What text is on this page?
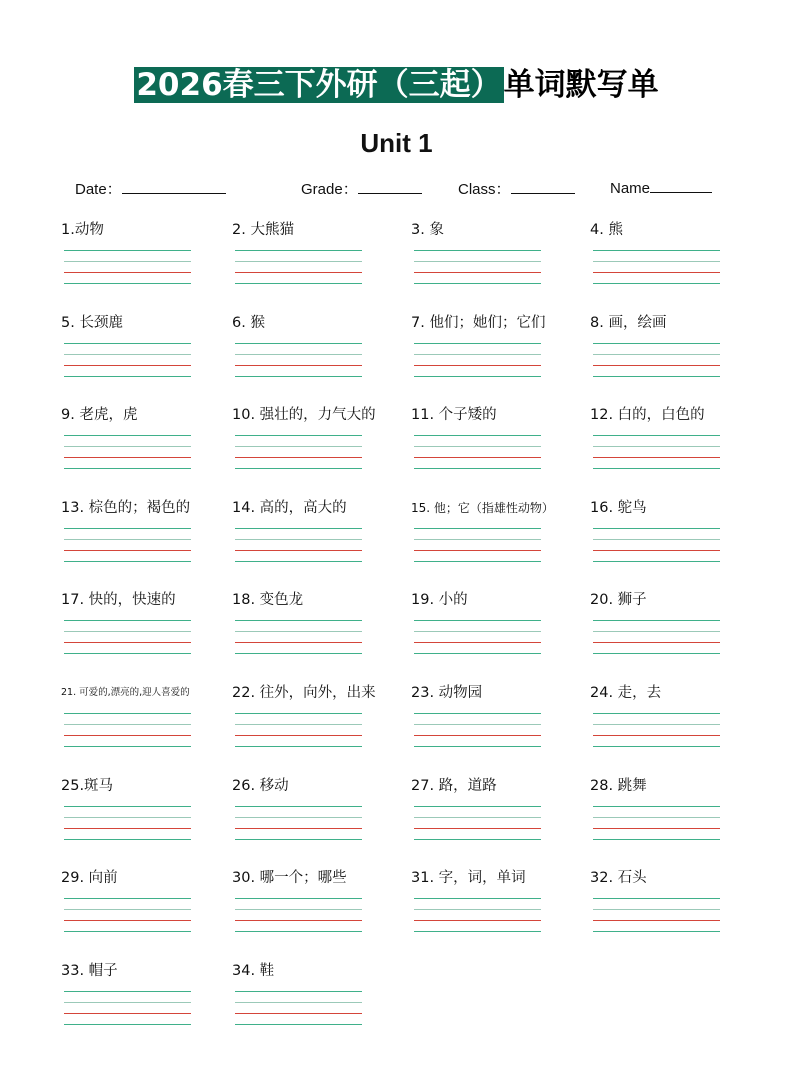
2026春三下外研（三起）单词默写单
Unit 1
Date：	Grade：	Class：	Name
1.动物	2. 大熊猫	3. 象	4. 熊
5. 长颈鹿	6. 猴	7. 他们；她们；它们	8. 画，绘画
9. 老虎，虎	10. 强壮的，力气大的	11. 个子矮的	12. 白的，白色的
13. 棕色的；褐色的	14. 高的，高大的	15. 他；它（指雄性动物）	16. 鸵鸟
17. 快的，快速的	18. 变色龙	19. 小的	20. 狮子
21. 可爱的,漂亮的,迎人喜爱的	22. 往外，向外，出来	23. 动物园	24. 走，去
25.斑马	26. 移动	27. 路，道路	28. 跳舞
29. 向前	30. 哪一个；哪些	31. 字，词，单词	32. 石头
33. 帽子	34. 鞋
